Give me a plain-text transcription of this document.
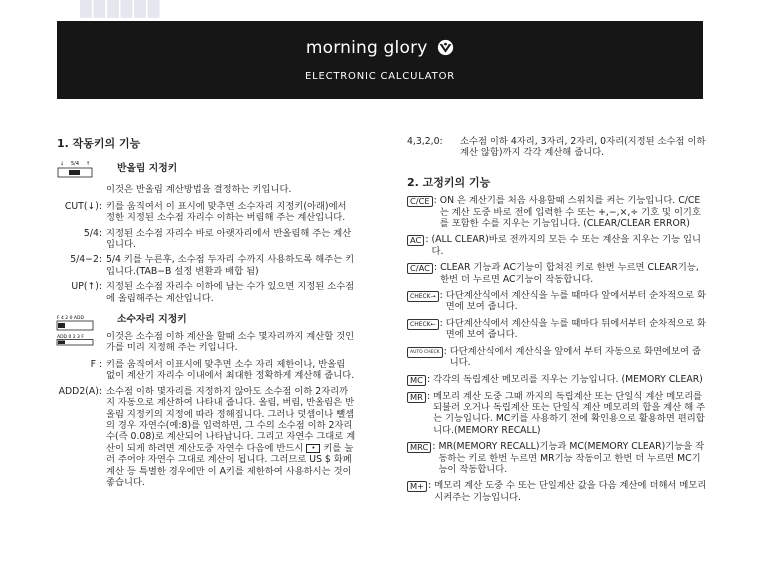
██████
morning glory
ELECTRONIC CALCULATOR
1. 작동키의 기능
↓ 5/4 ↑	반올림 지정키
이것은 반올림 계산방법을 결정하는 키입니다.
CUT(↓): 키를 움직여서 이 표시에 맞추면 소수자리 지정키(아래)에서 정한 지정된 소수점 자리수 이하는 버림해 주는 계산입니다.
5/4: 지정된 소수점 자리수 바로 아랫자리에서 반올림해 주는 계산입니다.
5/4−2: 5/4 키를 누른후, 소수점 두자리 수까지 사용하도록 해주는 키입니다.(TAB−B 설정 변환과 배합 됨)
UP(↑): 지정된 소수점 자리수 이하에 남는 수가 있으면 지정된 소수점에 올림해주는 계산입니다.
F 4 2 0 ADD
ADD 0 2 3 F
소수자리 지정키
이것은 소수점 이하 계산을 할때 소수 몇자리까지 계산할 것인가를 미리 지정해 주는 키입니다.
F : 키를 움직여서 이표시에 맞추면 소수 자리 제한이나, 반올림 없이 계산기 자리수 이내에서 최대한 정확하게 계산해 줍니다.
ADD2(A): 소수점 이하 몇자리를 지정하지 않아도 소수점 이하 2자리까지 자동으로 계산하여 나타내 줍니다. 올림, 버림, 반올림은 반올림 지정키의 지정에 따라 정해집니다. 그러나 덧셈이나 뺄셈의 경우 자연수(예:8)를 입력하면, 그 수의 소수점 이하 2자리수(즉 0.08)로 계산되어 나타납니다. 그리고 자연수 그대로 계산이 되게 하려면 계산도중 자연수 다음에 반드시 • 키를 눌러 주어야 자연수 그대로 계산이 됩니다. 그러므로 US $ 화폐계산 등 특별한 경우에만 이 A키를 제한하여 사용하시는 것이 좋습니다.
4,3,2,0:	소수점 이하 4자리, 3자리, 2자리, 0자리(지정된 소수점 이하 계산 않함)까지 각각 계산해 줍니다.
2. 고정키의 기능
C/CE : ON 은 계산기를 처음 사용할때 스위치를 켜는 기능입니다. C/CE는 계산 도중 바로 전에 입력한 수 또는 +,−,×,÷ 기호 및 이기호를 포함한 수를 지우는 기능입니다. (CLEAR/CLEAR ERROR)
AC : (ALL CLEAR)바로 전까지의 모든 수 또는 계산을 지우는 기능 입니다.
C/AC : CLEAR 기능과 AC기능이 합쳐진 키로 한번 누르면 CLEAR기능, 한번 더 누르면 AC기능이 작동합니다.
CHECK→ : 다단계산식에서 계산식을 누를 때마다 앞에서부터 순차적으로 화면에 보여 줍니다.
CHECK← : 다단계산식에서 계산식을 누를 때마다 뒤에서부터 순차적으로 화면에 보여 줍니다.
AUTO CHECK : 다단계산식에서 계산식을 앞에서 부터 자동으로 화면에보여 줍니다.
MC : 각각의 독립계산 메모리를 지우는 기능입니다. (MEMORY CLEAR)
MR : 메모리 계산 도중 그때 까지의 독립계산 또는 단일식 계산 메모리를 되불러 오거나 독립계산 또는 단일식 계산 메모리의 합을 계산 해 주는 기능입니다. MC키를 사용하기 전에 확인용으로 활용하면 편리합니다.(MEMORY RECALL)
MRC : MR(MEMORY RECALL)기능과 MC(MEMORY CLEAR)기능을 작동하는 키로 한번 누르면 MR기능 작동이고 한번 더 누르면 MC기능이 작동합니다.
M+ : 메모리 계산 도중 수 또는 단일계산 값을 다음 계산에 더해서 메모리 시켜주는 기능입니다.
